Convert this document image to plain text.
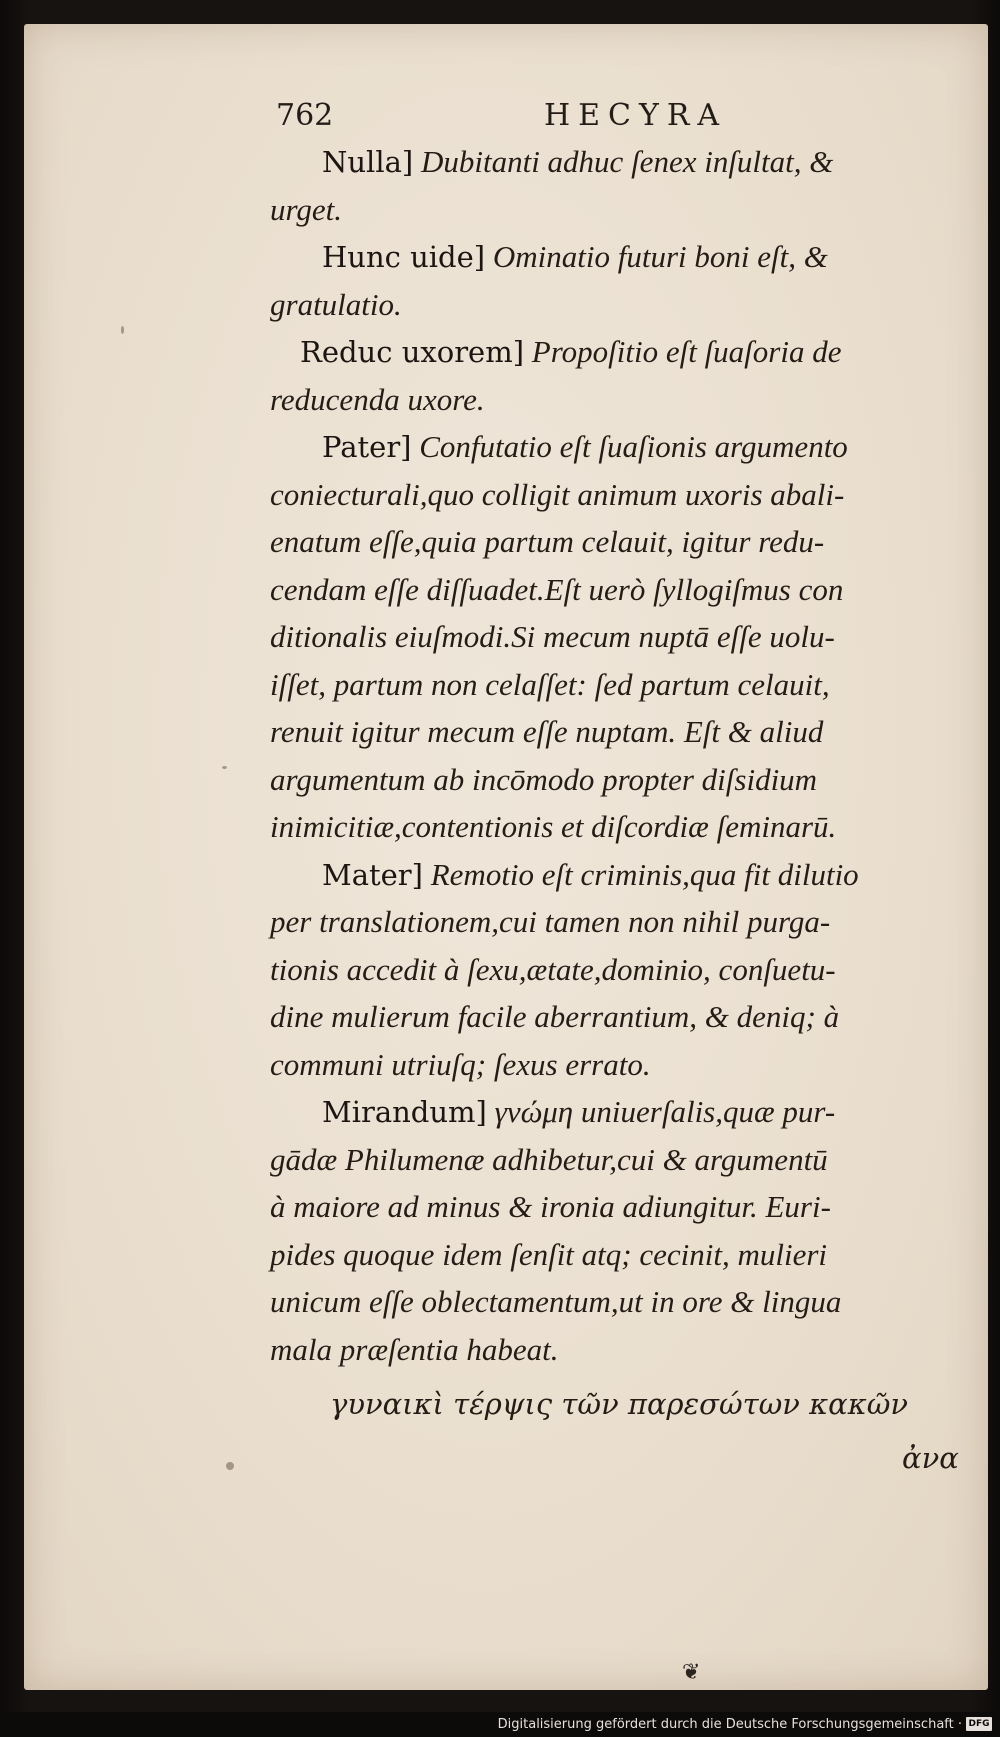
762	HECYRA
Nulla] Dubitanti adhuc ſenex inſultat, &
urget.
Hunc uide] Ominatio futuri boni eſt, &
gratulatio.
Reduc uxorem] Propoſitio eſt ſuaſoria de
reducenda uxore.
Pater] Confutatio eſt ſuaſionis argumento
coniecturali,quo colligit animum uxoris abali-
enatum eſſe,quia partum celauit, igitur redu-
cendam eſſe diſſuadet.Eſt uerò ſyllogiſmus con
ditionalis eiuſmodi.Si mecum nuptā eſſe uolu-
iſſet, partum non celaſſet: ſed partum celauit,
renuit igitur mecum eſſe nuptam. Eſt & aliud
argumentum ab incōmodo propter diſsidium
inimicitiæ,contentionis et diſcordiæ ſeminarū.
Mater] Remotio eſt criminis,qua fit dilutio
per translationem,cui tamen non nihil purga-
tionis accedit à ſexu,ætate,dominio, conſuetu-
dine mulierum facile aberrantium, & deniq; à
communi utriuſq; ſexus errato.
Mirandum] γνώμη uniuerſalis,quæ pur-
gādæ Philumenæ adhibetur,cui & argumentū
à maiore ad minus & ironia adiungitur. Euri-
pides quoque idem ſenſit atq; cecinit, mulieri
unicum eſſe oblectamentum,ut in ore & lingua
mala præſentia habeat.
γυναικὶ τέρψις τῶν παρεσώτων κακῶν
ἀνα
❦
Digitalisierung gefördert durch die Deutsche Forschungsgemeinschaft · DFG
